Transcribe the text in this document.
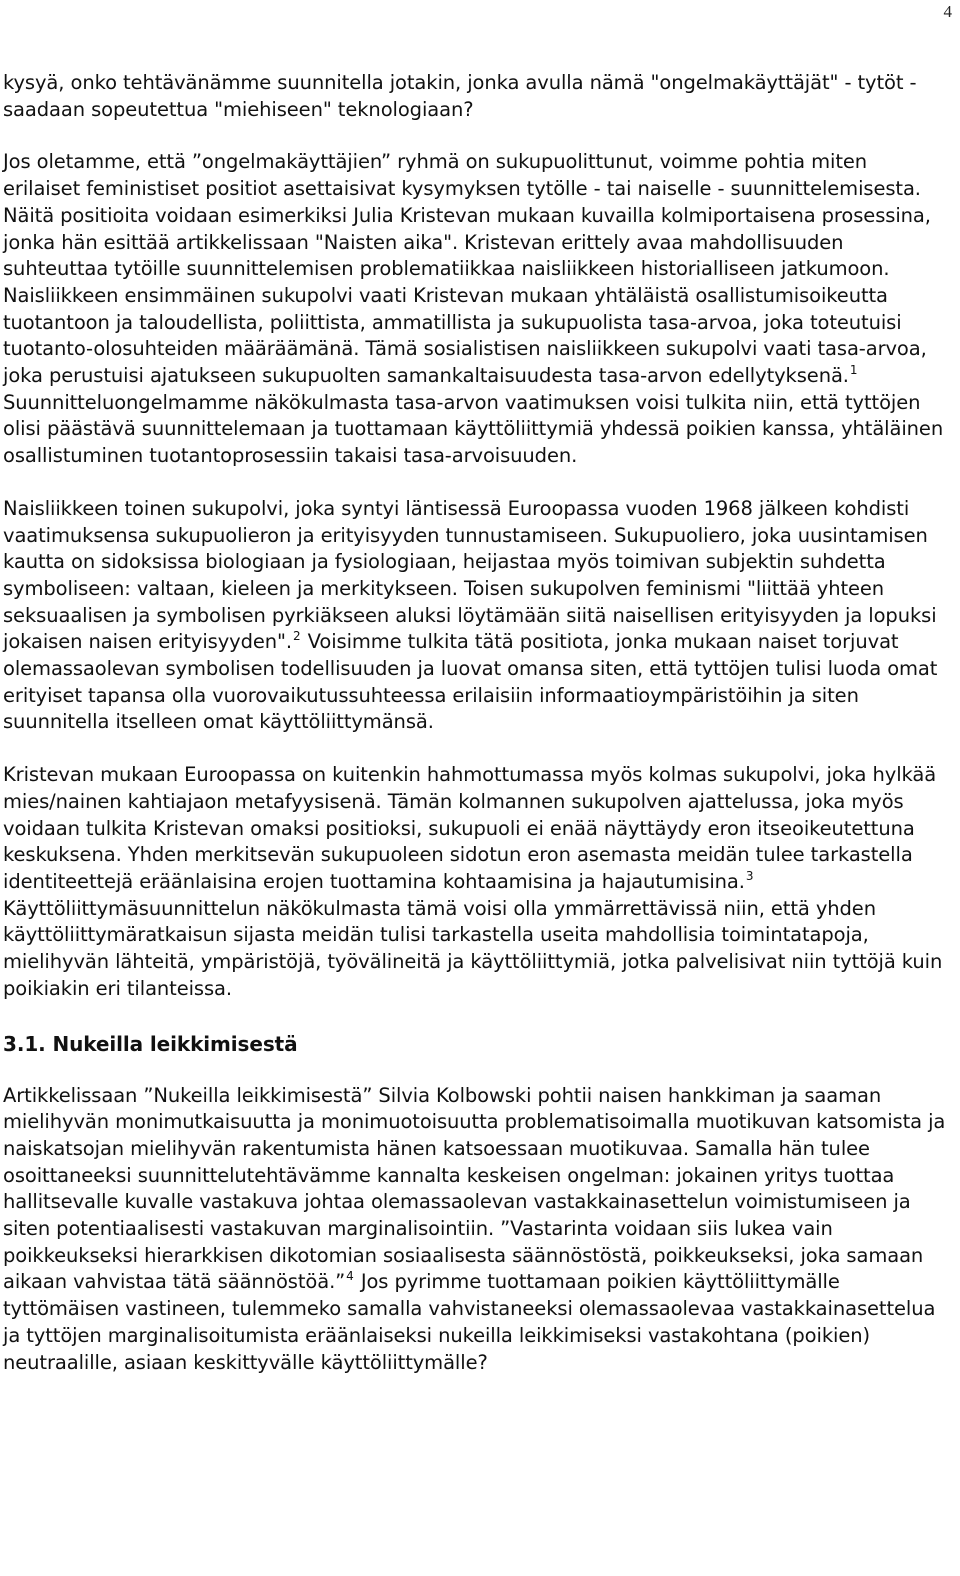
4

kysyä, onko tehtävänämme suunnitella jotakin, jonka avulla nämä "ongelmakäyttäjät" - tytöt - saadaan sopeutettua "miehiseen" teknologiaan?

Jos oletamme, että ”ongelmakäyttäjien” ryhmä on sukupuolittunut, voimme pohtia miten erilaiset feministiset positiot asettaisivat kysymyksen tytölle - tai naiselle - suunnittelemisesta. Näitä positioita voidaan esimerkiksi Julia Kristevan mukaan kuvailla kolmiportaisena prosessina, jonka hän esittää artikkelissaan "Naisten aika". Kristevan erittely avaa mahdollisuuden suhteuttaa tytöille suunnittelemisen problematiikkaa naisliikkeen historialliseen jatkumoon. Naisliikkeen ensimmäinen sukupolvi vaati Kristevan mukaan yhtäläistä osallistumisoikeutta tuotantoon ja taloudellista, poliittista, ammatillista ja sukupuolista tasa-arvoa, joka toteutuisi tuotanto-olosuhteiden määräämänä. Tämä sosialistisen naisliikkeen sukupolvi vaati tasa-arvoa, joka perustuisi ajatukseen sukupuolten samankaltaisuudesta tasa-arvon edellytyksenä.$^1$ Suunnitteluongelmamme näkökulmasta tasa-arvon vaatimuksen voisi tulkita niin, että tyttöjen olisi päästävä suunnittelemaan ja tuottamaan käyttöliittymiä yhdessä poikien kanssa, yhtäläinen osallistuminen tuotantoprosessiin takaisi tasa-arvoisuuden.

Naisliikkeen toinen sukupolvi, joka syntyi läntisessä Euroopassa vuoden 1968 jälkeen kohdisti vaatimuksensa sukupuolieron ja erityisyyden tunnustamiseen. Sukupuoliero, joka uusintamisen kautta on sidoksissa biologiaan ja fysiologiaan, heijastaa myös toimivan subjektin suhdetta symboliseen: valtaan, kieleen ja merkitykseen. Toisen sukupolven feminismi "liittää yhteen seksuaalisen ja symbolisen pyrkiäkseen aluksi löytämään siitä naisellisen erityisyyden ja lopuksi jokaisen naisen erityisyyden".$^2$ Voisimme tulkita tätä positiota, jonka mukaan naiset torjuvat olemassaolevan symbolisen todellisuuden ja luovat omansa siten, että tyttöjen tulisi luoda omat erityiset tapansa olla vuorovaikutussuhteessa erilaisiin informaatioympäristöihin ja siten suunnitella itselleen omat käyttöliittymänsä.

Kristevan mukaan Euroopassa on kuitenkin hahmottumassa myös kolmas sukupolvi, joka hylkää mies/nainen kahtiajaon metafyysisenä. Tämän kolmannen sukupolven ajattelussa, joka myös voidaan tulkita Kristevan omaksi positioksi, sukupuoli ei enää näyttäydy eron itseoikeutettuna keskuksena. Yhden merkitsevän sukupuoleen sidotun eron asemasta meidän tulee tarkastella identiteettejä eräänlaisina erojen tuottamina kohtaamisina ja hajautumisina.$^3$ Käyttöliittymäsuunnittelun näkökulmasta tämä voisi olla ymmärrettävissä niin, että yhden käyttöliittymäratkaisun sijasta meidän tulisi tarkastella useita mahdollisia toimintatapoja, mielihyvän lähteitä, ympäristöjä, työvälineitä ja käyttöliittymiä, jotka palvelisivat niin tyttöjä kuin poikiakin eri tilanteissa.

3.1. Nukeilla leikkimisestä

Artikkelissaan ”Nukeilla leikkimisestä” Silvia Kolbowski pohtii naisen hankkiman ja saaman mielihyvän monimutkaisuutta ja monimuotoisuutta problematisoimalla muotikuvan katsomista ja naiskatsojan mielihyvän rakentumista hänen katsoessaan muotikuvaa. Samalla hän tulee osoittaneeksi suunnittelutehtävämme kannalta keskeisen ongelman: jokainen yritys tuottaa hallitsevalle kuvalle vastakuva johtaa olemassaolevan vastakkainasettelun voimistumiseen ja siten potentiaalisesti vastakuvan marginalisointiin. ”Vastarinta voidaan siis lukea vain poikkeukseksi hierarkkisen dikotomian sosiaalisesta säännöstöstä, poikkeukseksi, joka samaan aikaan vahvistaa tätä säännöstöä.”$^4$ Jos pyrimme tuottamaan poikien käyttöliittymälle tyttömäisen vastineen, tulemmeko samalla vahvistaneeksi olemassaolevaa vastakkainasettelua ja tyttöjen marginalisoitumista eräänlaiseksi nukeilla leikkimiseksi vastakohtana (poikien) neutraalille, asiaan keskittyvälle käyttöliittymälle?
